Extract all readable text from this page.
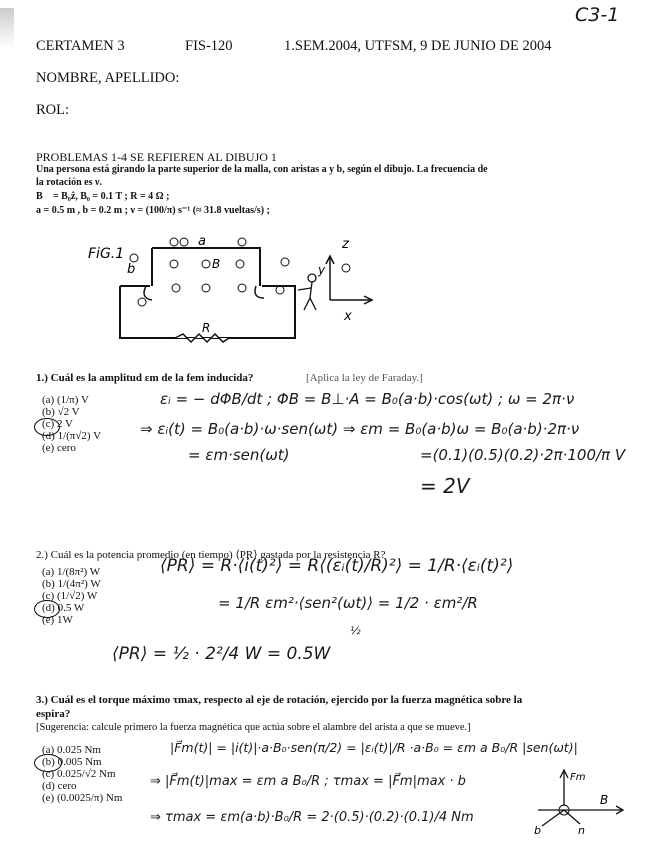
C3-1
CERTAMEN 3	FIS-120	1.SEM.2004, UTFSM, 9 DE JUNIO DE 2004
NOMBRE, APELLIDO:
ROL:
PROBLEMAS 1-4 SE REFIEREN AL DIBUJO 1
Una persona está girando la parte superior de la malla, con aristas a y b, según el dibujo. La frecuencia de
la rotación es ν.
B⃗ = B₀ẑ, B₀ = 0.1 T ; R = 4 Ω ;
a = 0.5 m , b = 0.2 m ; ν = (100/π) s⁻¹ (≈ 31.8 vueltas/s) ;
FiG.1
a
b	B
R
z
y
x
1.) Cuál es la amplitud εm de la fem inducida?	[Aplica la ley de Faraday.]
(a) (1/π) V
(b) √2 V
(c) 2 V
(d) 1/(π√2) V
(e) cero
εᵢ = − dΦB/dt ; ΦB = B⊥·A = B₀(a·b)·cos(ωt) ; ω = 2π·ν
⇒ εᵢ(t) = B₀(a·b)·ω·sen(ωt) ⇒ εm = B₀(a·b)ω = B₀(a·b)·2π·ν
= εm·sen(ωt)	=(0.1)(0.5)(0.2)·2π·100/π V
= 2V
2.) Cuál es la potencia promedio (en tiempo) ⟨PR⟩ gastada por la resistencia R?
(a) 1/(8π²) W
(b) 1/(4π²) W
(c) (1/√2) W
(d) 0.5 W
(e) 1W
⟨PR⟩ = R·⟨i(t)²⟩ = R⟨(εᵢ(t)/R)²⟩ = 1/R·⟨εᵢ(t)²⟩
= 1/R εm²·⟨sen²(ωt)⟩ = 1/2 · εm²/R
½
⟨PR⟩ = ½ · 2²/4 W = 0.5W
3.) Cuál es el torque máximo τmax, respecto al eje de rotación, ejercido por la fuerza magnética sobre la
espira?
[Sugerencia: calcule primero la fuerza magnética que actúa sobre el alambre del arista a que se mueve.]
(a) 0.025 Nm
(b) 0.005 Nm
(c) 0.025/√2 Nm
(d) cero
(e) (0.0025/π) Nm
|F⃗m(t)| = |i(t)|·a·B₀·sen(π/2) = |εᵢ(t)|/R ·a·B₀ = εm a B₀/R |sen(ωt)|
⇒ |F⃗m(t)|max = εm a B₀/R ; τmax = |F⃗m|max · b
⇒ τmax = εm(a·b)·B₀/R = 2·(0.5)·(0.2)·(0.1)/4 Nm
Fm
B
b	n
